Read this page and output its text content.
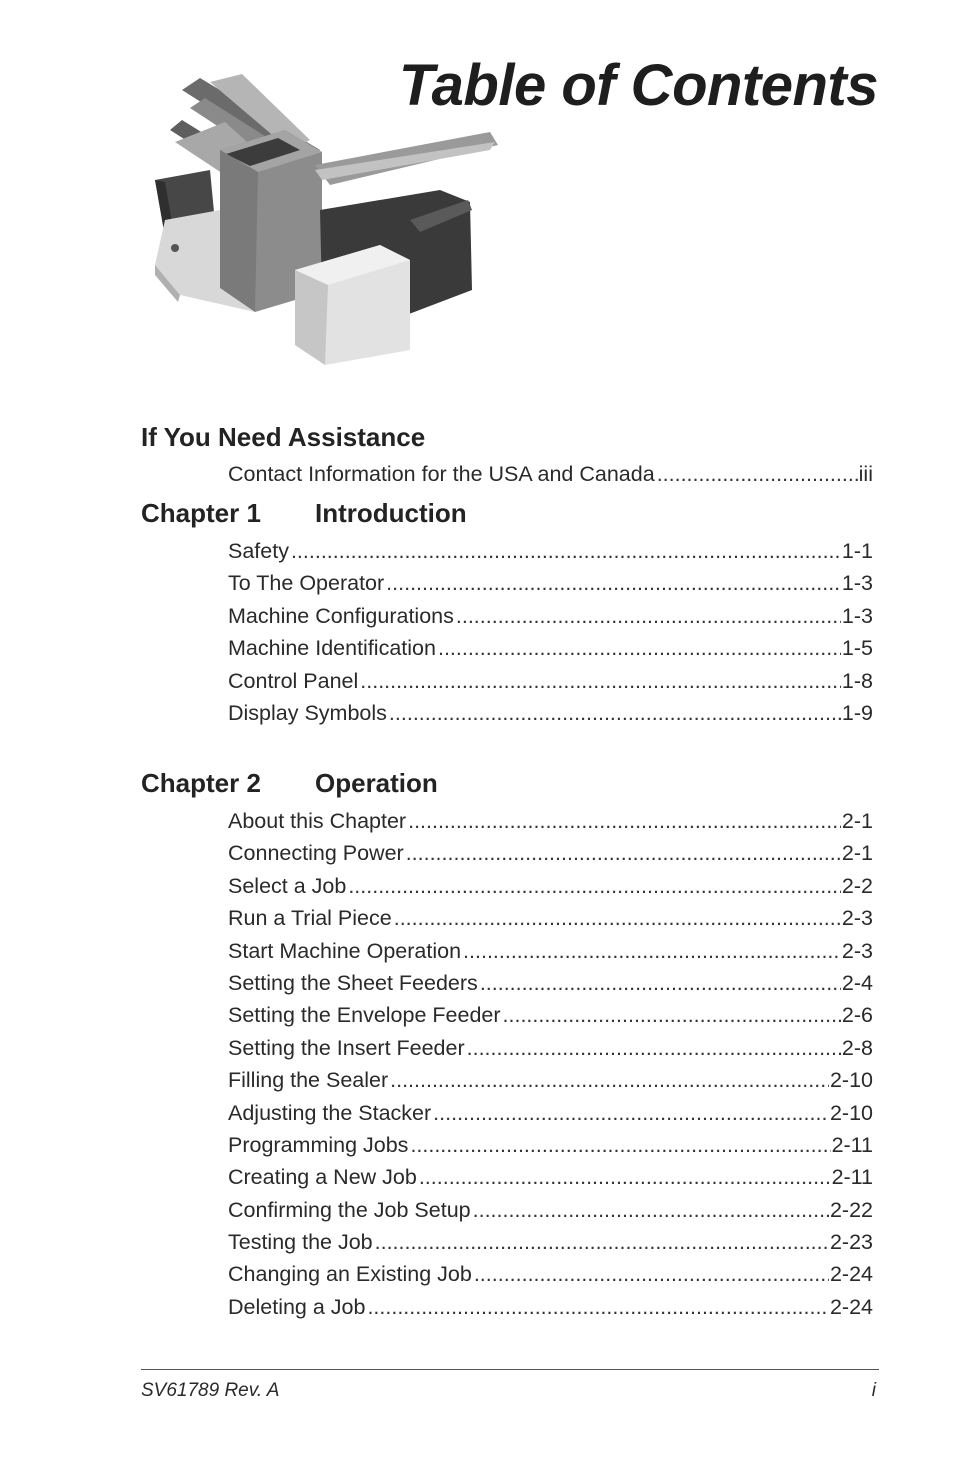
Table of Contents
If You Need Assistance
Contact Information for the USA and Canada .....	iii
Chapter 1	Introduction
Safety .....	1-1
To The Operator .....	1-3
Machine Configurations .....	1-3
Machine Identification .....	1-5
Control Panel .....	1-8
Display Symbols .....	1-9
Chapter 2	Operation
About this Chapter .....	2-1
Connecting Power .....	2-1
Select a Job .....	2-2
Run a Trial Piece .....	2-3
Start Machine Operation .....	2-3
Setting the Sheet Feeders .....	2-4
Setting the Envelope Feeder .....	2-6
Setting the Insert Feeder .....	2-8
Filling the Sealer .....	2-10
Adjusting the Stacker .....	2-10
Programming Jobs .....	2-11
Creating a New Job .....	2-11
Confirming the Job Setup .....	2-22
Testing the Job .....	2-23
Changing an Existing Job .....	2-24
Deleting a Job .....	2-24
SV61789 Rev. A	i
